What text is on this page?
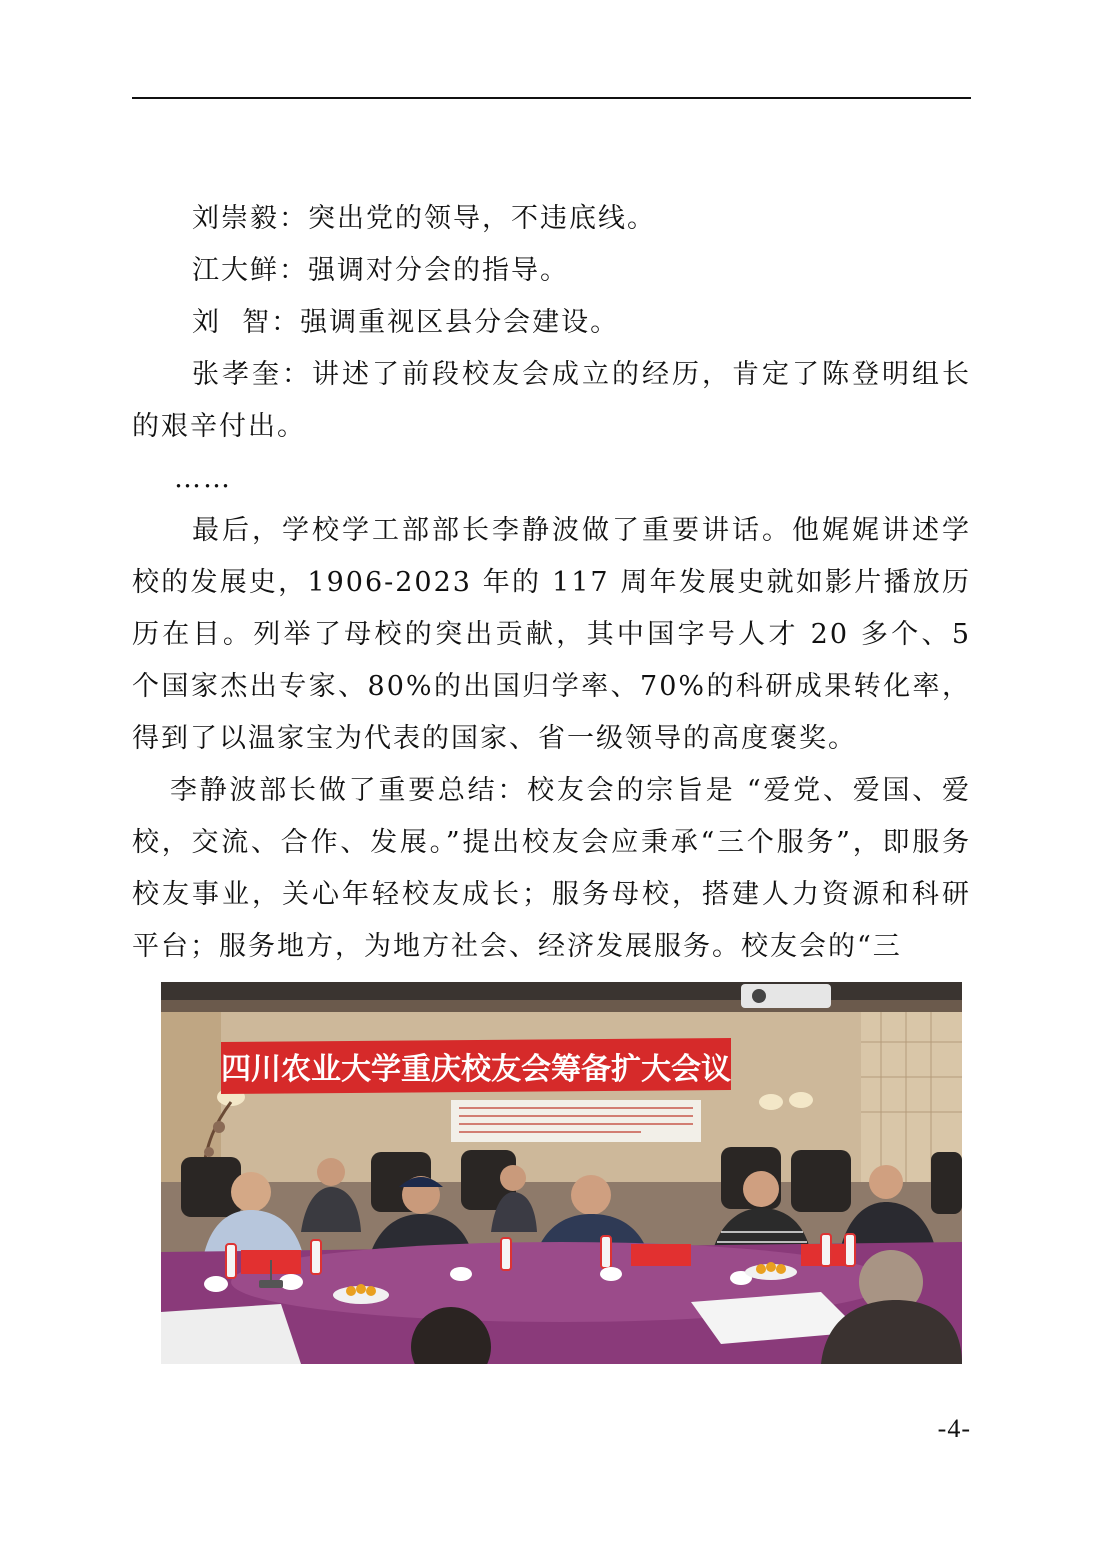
刘崇毅：突出党的领导，不违底线。

江大鲜：强调对分会的指导。

刘  智：强调重视区县分会建设。

张孝奎：讲述了前段校友会成立的经历，肯定了陈登明组长的艰辛付出。

……

最后，学校学工部部长李静波做了重要讲话。他娓娓讲述学校的发展史，1906-2023 年的 117 周年发展史就如影片播放历历在目。列举了母校的突出贡献，其中国字号人才 20 多个、5 个国家杰出专家、80%的出国归学率、70%的科研成果转化率，得到了以温家宝为代表的国家、省一级领导的高度褒奖。

李静波部长做了重要总结：校友会的宗旨是 “爱党、爱国、爱校，交流、合作、发展。”提出校友会应秉承“三个服务”，即服务校友事业，关心年轻校友成长；服务母校，搭建人力资源和科研平台；服务地方，为地方社会、经济发展服务。校友会的“三

四川农业大学重庆校友会筹备扩大会议
-4-
